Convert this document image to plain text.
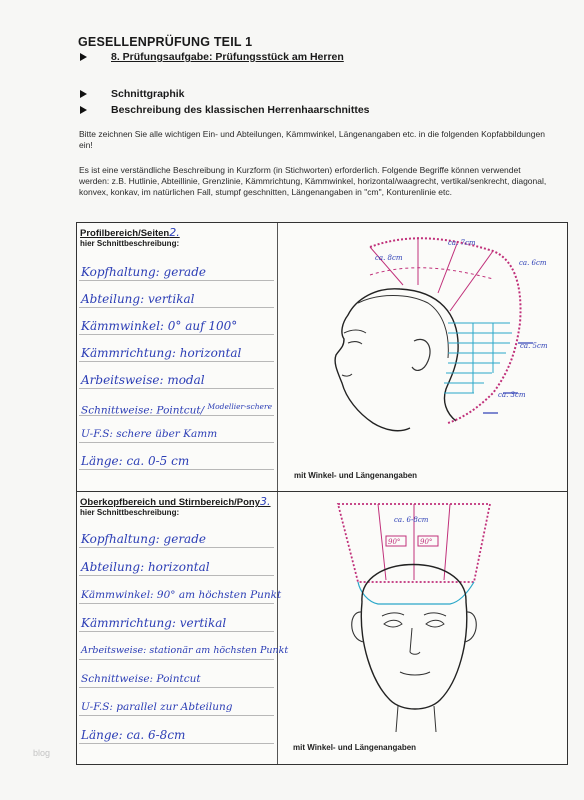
GESELLENPRÜFUNG TEIL 1
8. Prüfungsaufgabe: Prüfungsstück am Herren
Schnittgraphik
Beschreibung des klassischen Herrenhaarschnittes
Bitte zeichnen Sie alle wichtigen Ein- und Abteilungen, Kämmwinkel, Längenangaben etc. in die folgenden Kopfabbildungen ein!
Es ist eine verständliche Beschreibung in Kurzform (in Stichworten) erforderlich. Folgende Begriffe können verwendet werden: z.B. Hutlinie, Abteillinie, Grenzlinie, Kämmrichtung, Kämmwinkel, horizontal/waagrecht, vertikal/senkrecht, diagonal, konvex, konkav, im natürlichen Fall, stumpf geschnitten, Längenangaben in "cm", Konturenlinie etc.
Profilbereich/Seiten2.
hier Schnittbeschreibung:
Kopfhaltung: gerade
Abteilung: vertikal
Kämmwinkel: 0° auf 100°
Kämmrichtung: horizontal
Arbeitsweise: modal
Schnittweise: Pointcut/ $^{Modellier-schere}$
U-F.S: schere über Kamm
Länge: ca. 0-5 cm
ca. 8cm
ca. 7cm
ca. 6cm
ca. 5cm
ca. 3cm
mit Winkel- und Längenangaben
Oberkopfbereich und Stirnbereich/Pony3.
hier Schnittbeschreibung:
Kopfhaltung: gerade
Abteilung: horizontal
Kämmwinkel: 90° am höchsten Punkt
Kämmrichtung: vertikal
Arbeitsweise: stationär am höchsten Punkt
Schnittweise: Pointcut
U-F.S: parallel zur Abteilung
Länge: ca. 6-8cm
90°	90°
ca. 6-8cm
mit Winkel- und Längenangaben
blog
